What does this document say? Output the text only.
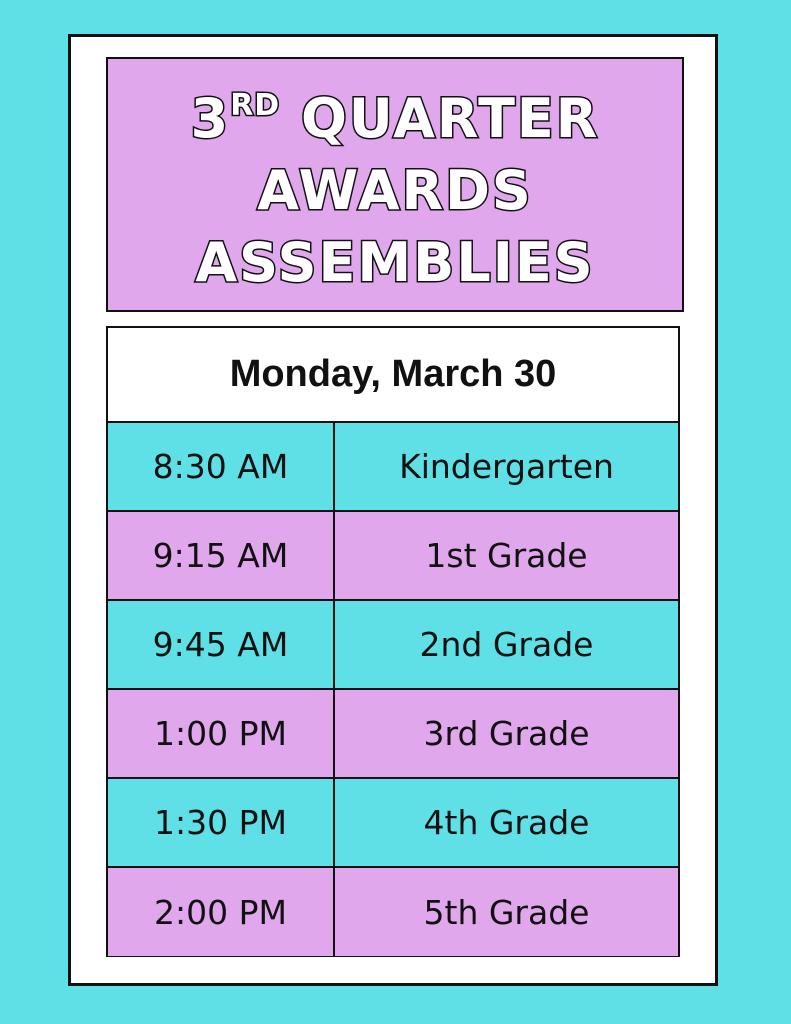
3RD QUARTER
AWARDS
ASSEMBLIES
Monday, March 30
8:30 AM	Kindergarten
9:15 AM	1st Grade
9:45 AM	2nd Grade
1:00 PM	3rd Grade
1:30 PM	4th Grade
2:00 PM	5th Grade
